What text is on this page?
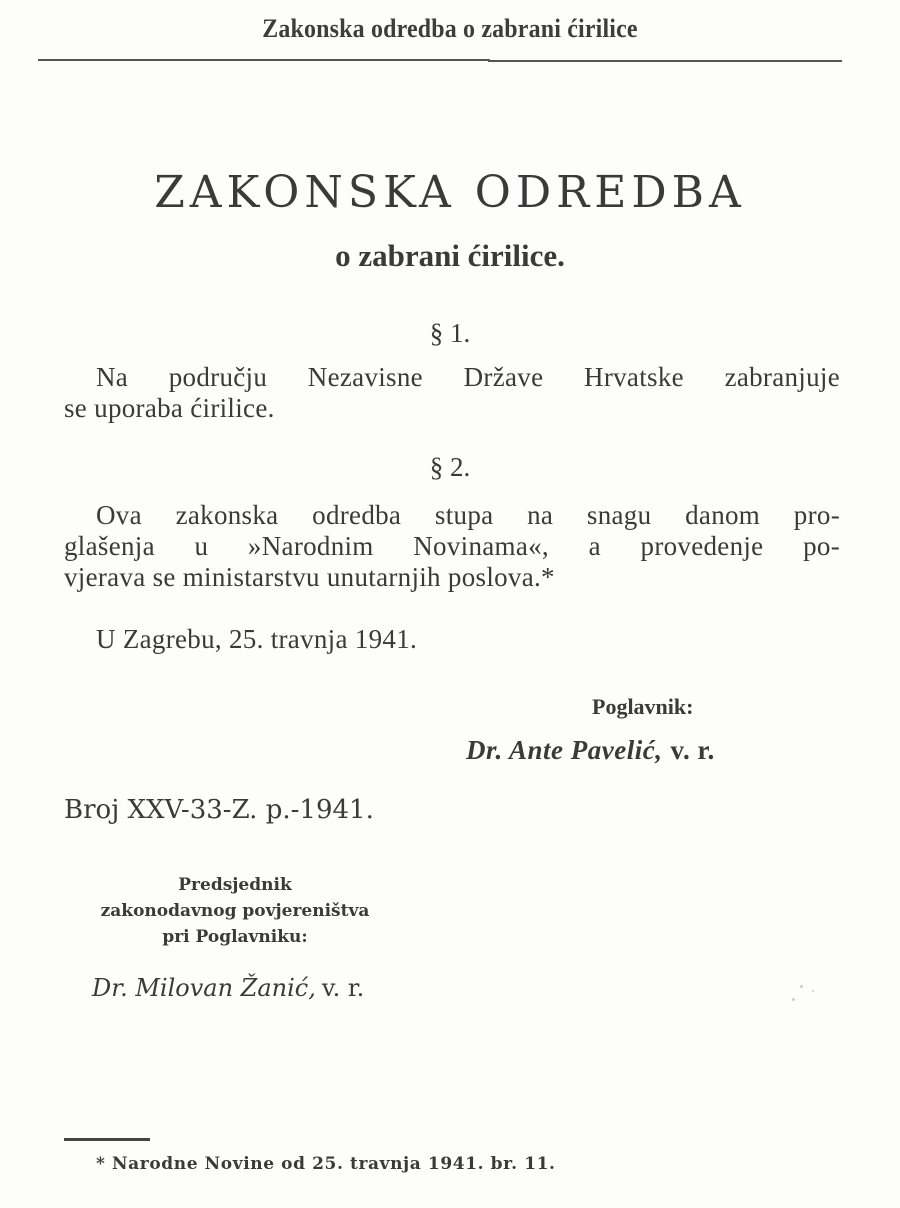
Zakonska odredba o zabrani ćirilice
ZAKONSKA ODREDBA
o zabrani ćirilice.
§ 1.
Na području Nezavisne Države Hrvatske zabranjuje
se uporaba ćirilice.
§ 2.
Ova zakonska odredba stupa na snagu danom pro-
glašenja u »Narodnim Novinama«, a provedenje po-
vjerava se ministarstvu unutarnjih poslova.*
U Zagrebu, 25. travnja 1941.
Poglavnik:
Dr. Ante Pavelić, v. r.
Broj XXV-33-Z. p.-1941.
Predsjednik
zakonodavnog povjereništva
pri Poglavniku:
Dr. Milovan Žanić, v. r.
* Narodne Novine od 25. travnja 1941. br. 11.
